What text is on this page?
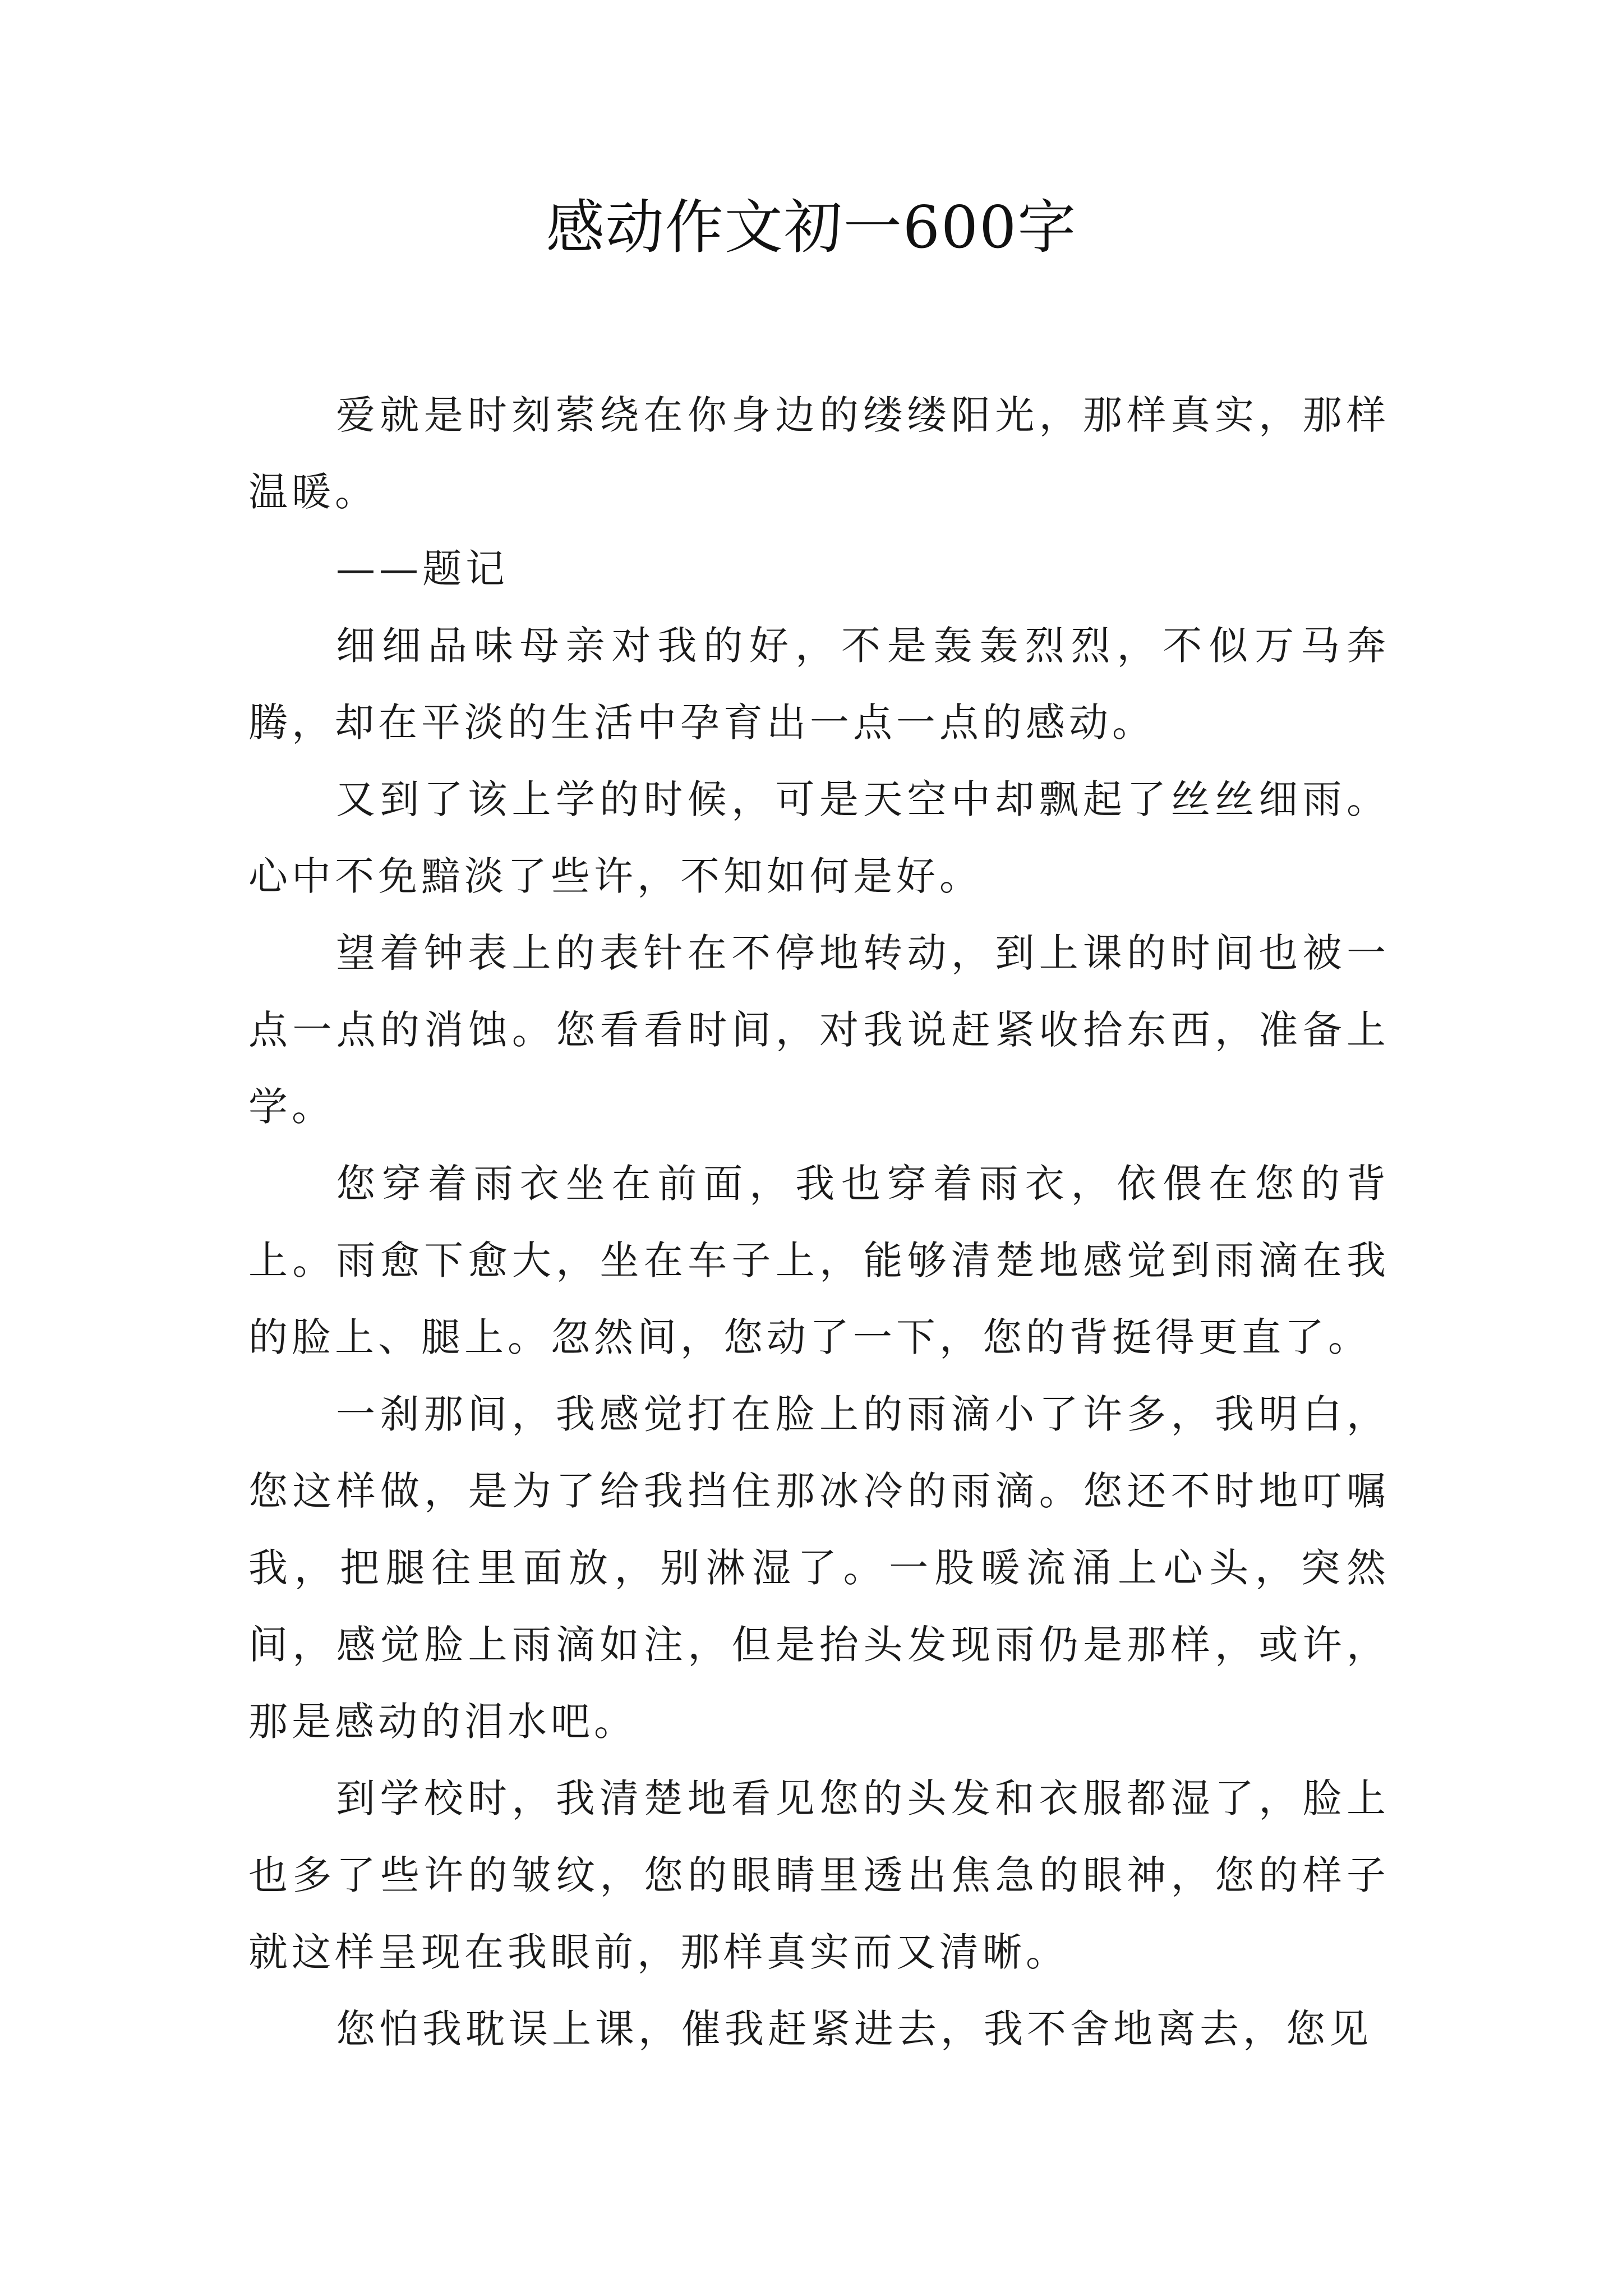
感动作文初一600字

爱就是时刻萦绕在你身边的缕缕阳光，那样真实，那样温暖。

——题记

细细品味母亲对我的好，不是轰轰烈烈，不似万马奔腾，却在平淡的生活中孕育出一点一点的感动。

又到了该上学的时候，可是天空中却飘起了丝丝细雨。心中不免黯淡了些许，不知如何是好。

望着钟表上的表针在不停地转动，到上课的时间也被一点一点的消蚀。您看看时间，对我说赶紧收拾东西，准备上学。

您穿着雨衣坐在前面，我也穿着雨衣，依偎在您的背上。雨愈下愈大，坐在车子上，能够清楚地感觉到雨滴在我的脸上、腿上。忽然间，您动了一下，您的背挺得更直了。

一刹那间，我感觉打在脸上的雨滴小了许多，我明白，您这样做，是为了给我挡住那冰冷的雨滴。您还不时地叮嘱我，把腿往里面放，别淋湿了。一股暖流涌上心头，突然间，感觉脸上雨滴如注，但是抬头发现雨仍是那样，或许，那是感动的泪水吧。

到学校时，我清楚地看见您的头发和衣服都湿了，脸上也多了些许的皱纹，您的眼睛里透出焦急的眼神，您的样子就这样呈现在我眼前，那样真实而又清晰。

您怕我耽误上课，催我赶紧进去，我不舍地离去，您见
